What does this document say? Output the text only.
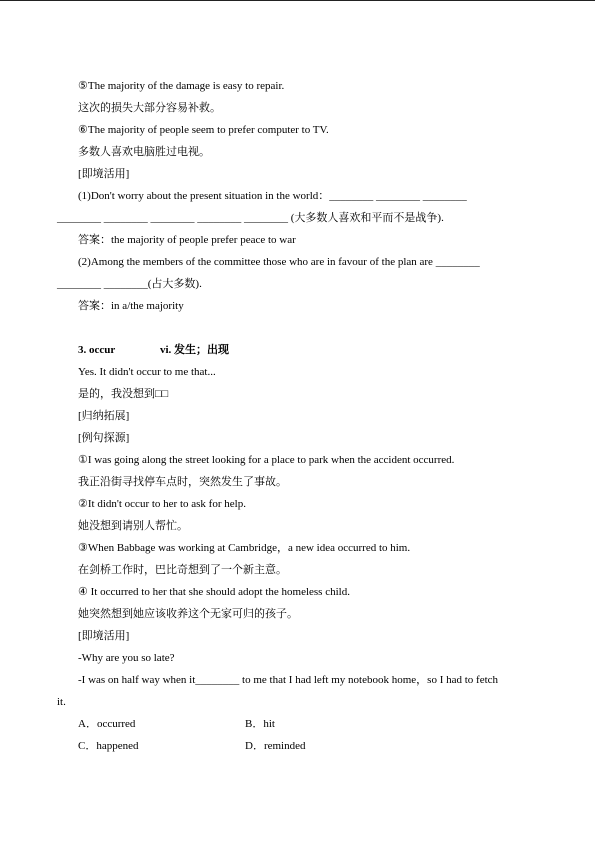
⑤The majority of the damage is easy to repair.
这次的损失大部分容易补救。
⑥The majority of people seem to prefer computer to TV.
多数人喜欢电脑胜过电视。
[即境活用]
(1)Don't worry about the present situation in the world：________ ________ ________
________ ________ ________ ________ ________ (大多数人喜欢和平而不是战争).
答案：the majority of people prefer peace to war
(2)Among the members of the committee those who are in favour of the plan are ________
________ ________(占大多数).
答案：in a/the majority
3. occur	vi. 发生；出现
Yes. It didn't occur to me that...
是的，我没想到□□
[归纳拓展]
[例句探源]
①I was going along the street looking for a place to park when the accident occurred.
我正沿街寻找停车点时，突然发生了事故。
②It didn't occur to her to ask for help.
她没想到请别人帮忙。
③When Babbage was working at Cambridge，a new idea occurred to him.
在剑桥工作时，巴比奇想到了一个新主意。
④ It occurred to her that she should adopt the homeless child.
她突然想到她应该收养这个无家可归的孩子。
[即境活用]
-Why are you so late?
-I was on half way when it________ to me that I had left my notebook home，so I had to fetch
it.
A．occurred	B．hit
C．happened	D．reminded
